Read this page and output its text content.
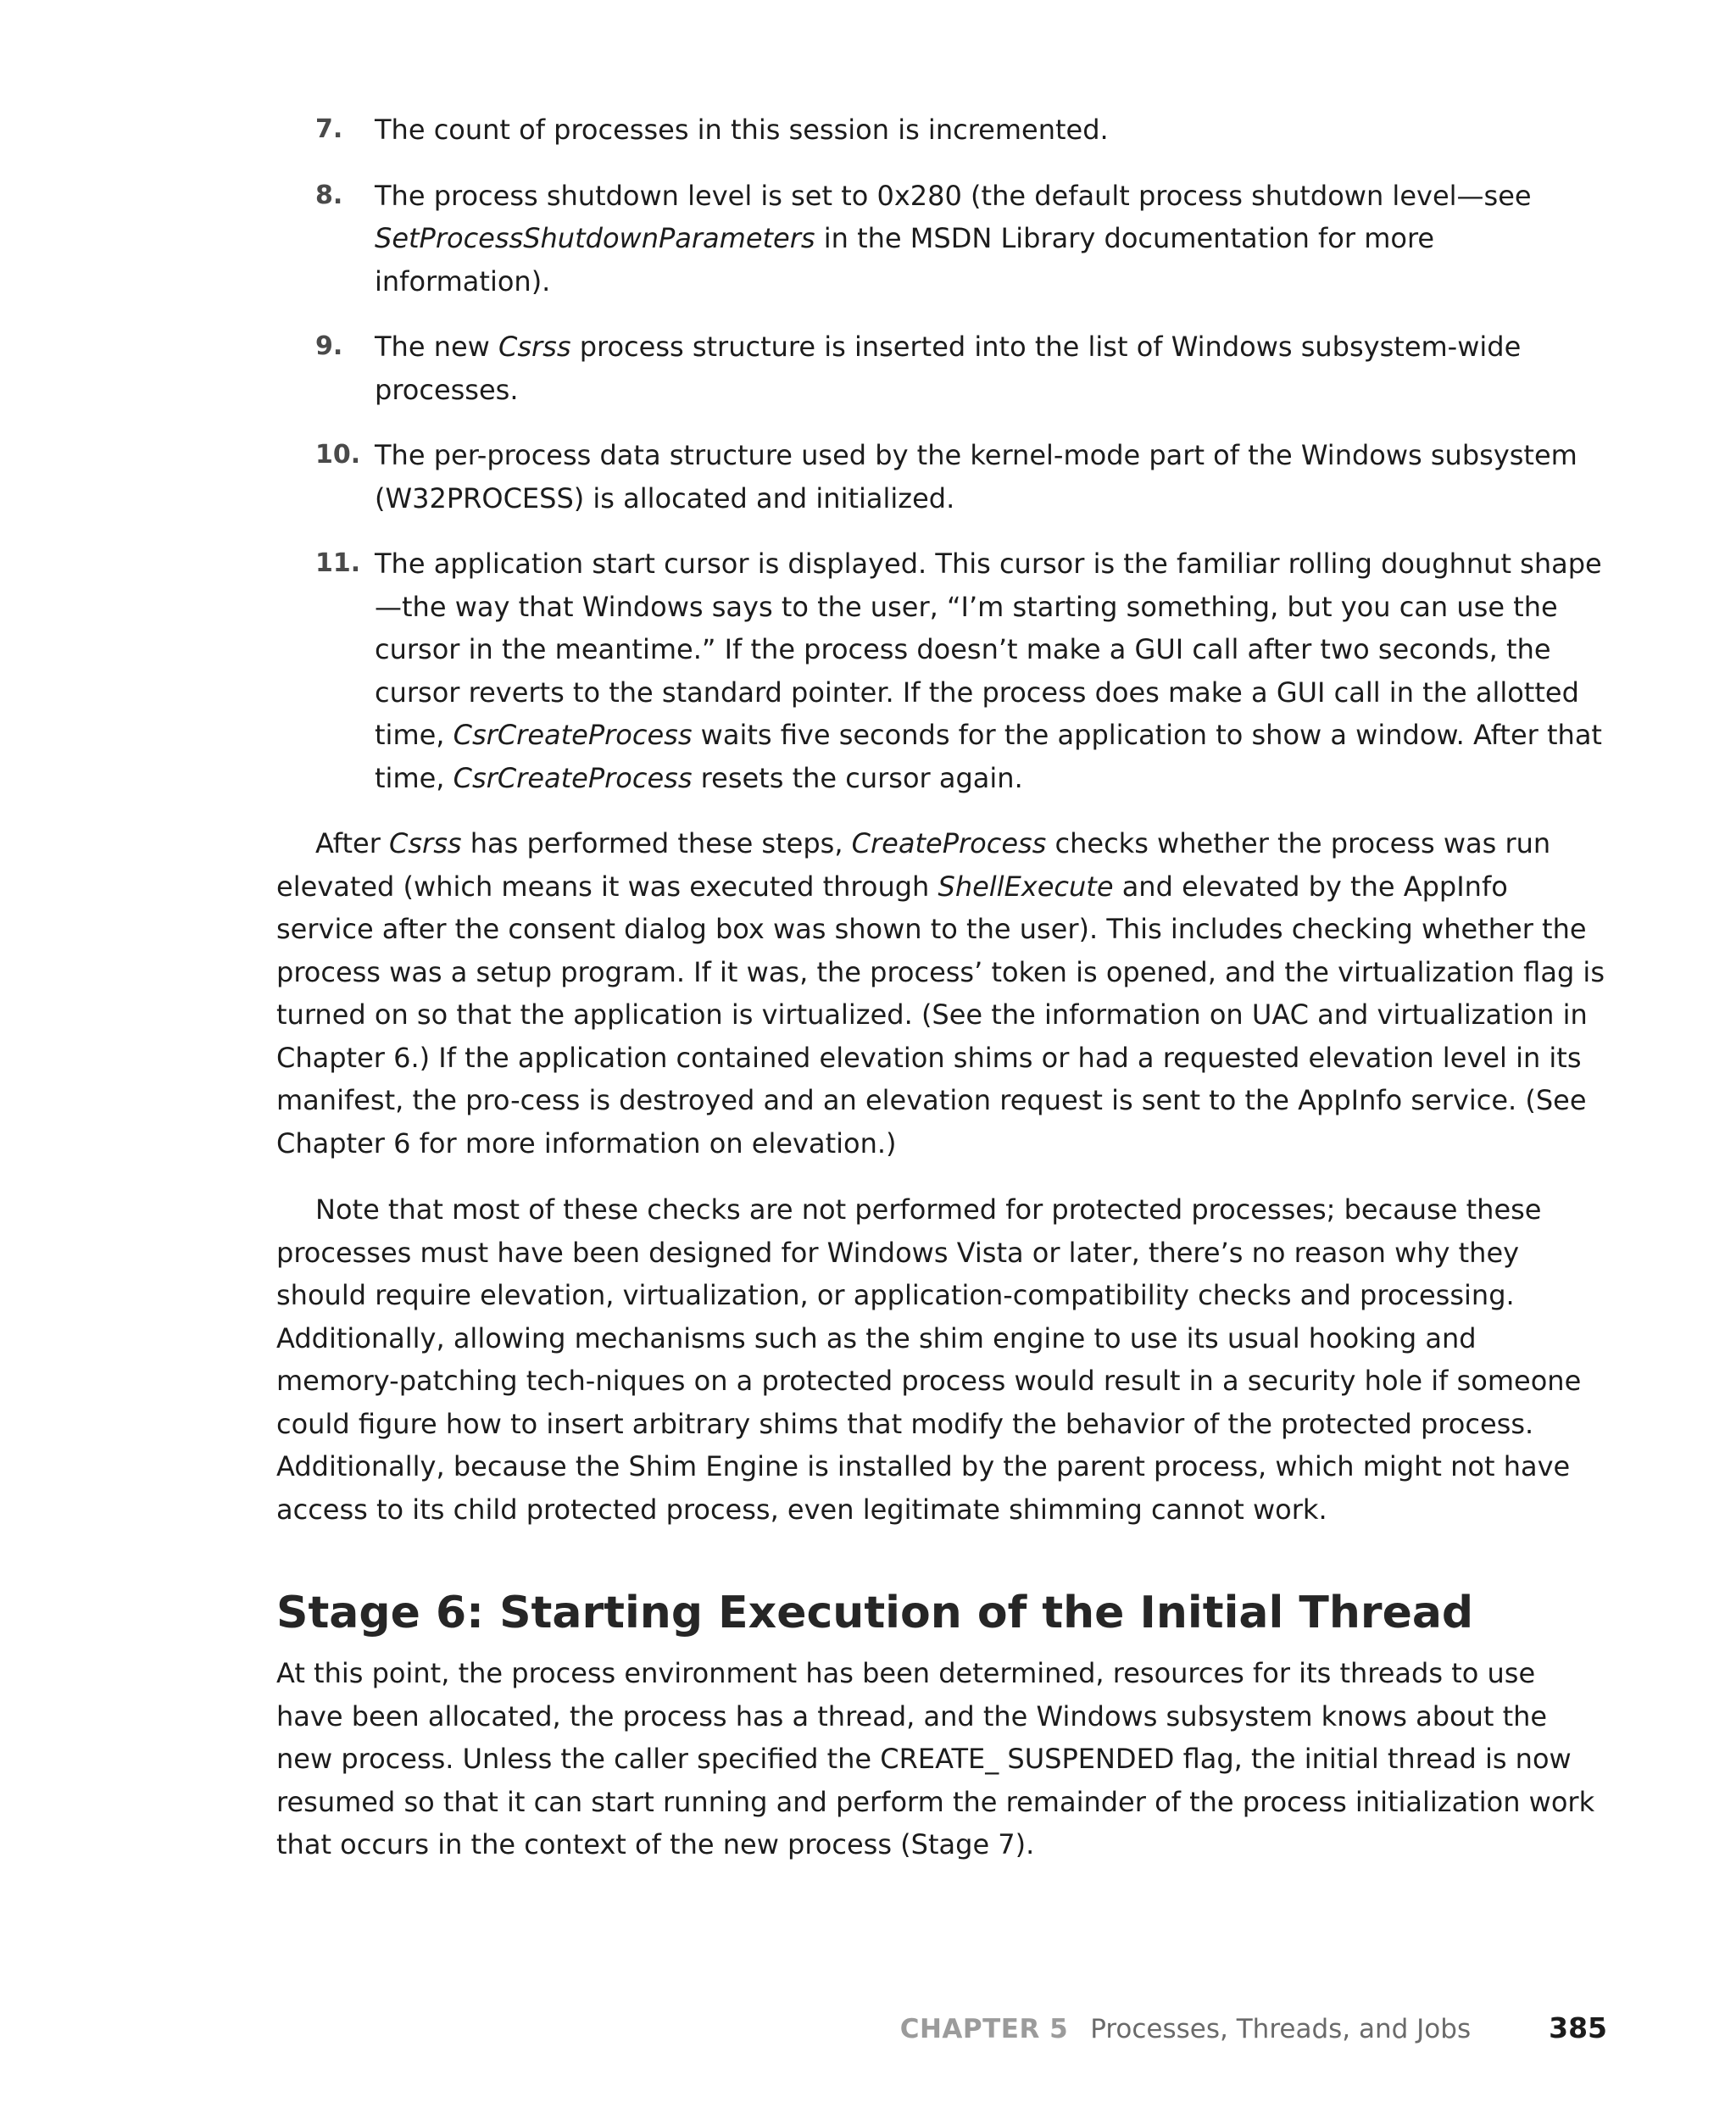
7. The count of processes in this session is incremented.
8. The process shutdown level is set to 0x280 (the default process shutdown level—see SetProcessShutdownParameters in the MSDN Library documentation for more information).
9. The new Csrss process structure is inserted into the list of Windows subsystem-wide processes.
10. The per-process data structure used by the kernel-mode part of the Windows subsystem (W32PROCESS) is allocated and initialized.
11. The application start cursor is displayed. This cursor is the familiar rolling doughnut shape—the way that Windows says to the user, “I’m starting something, but you can use the cursor in the meantime.” If the process doesn’t make a GUI call after two seconds, the cursor reverts to the standard pointer. If the process does make a GUI call in the allotted time, CsrCreateProcess waits five seconds for the application to show a window. After that time, CsrCreateProcess resets the cursor again.

After Csrss has performed these steps, CreateProcess checks whether the process was run elevated (which means it was executed through ShellExecute and elevated by the AppInfo service after the consent dialog box was shown to the user). This includes checking whether the process was a setup program. If it was, the process’ token is opened, and the virtualization flag is turned on so that the application is virtualized. (See the information on UAC and virtualization in Chapter 6.) If the application contained elevation shims or had a requested elevation level in its manifest, the pro-cess is destroyed and an elevation request is sent to the AppInfo service. (See Chapter 6 for more information on elevation.)

Note that most of these checks are not performed for protected processes; because these processes must have been designed for Windows Vista or later, there’s no reason why they should require elevation, virtualization, or application-compatibility checks and processing. Additionally, allowing mechanisms such as the shim engine to use its usual hooking and memory-patching tech-niques on a protected process would result in a security hole if someone could figure how to insert arbitrary shims that modify the behavior of the protected process. Additionally, because the Shim Engine is installed by the parent process, which might not have access to its child protected process, even legitimate shimming cannot work.

Stage 6: Starting Execution of the Initial Thread

At this point, the process environment has been determined, resources for its threads to use have been allocated, the process has a thread, and the Windows subsystem knows about the new process. Unless the caller specified the CREATE_ SUSPENDED flag, the initial thread is now resumed so that it can start running and perform the remainder of the process initialization work that occurs in the context of the new process (Stage 7).

CHAPTER 5 Processes, Threads, and Jobs	385
